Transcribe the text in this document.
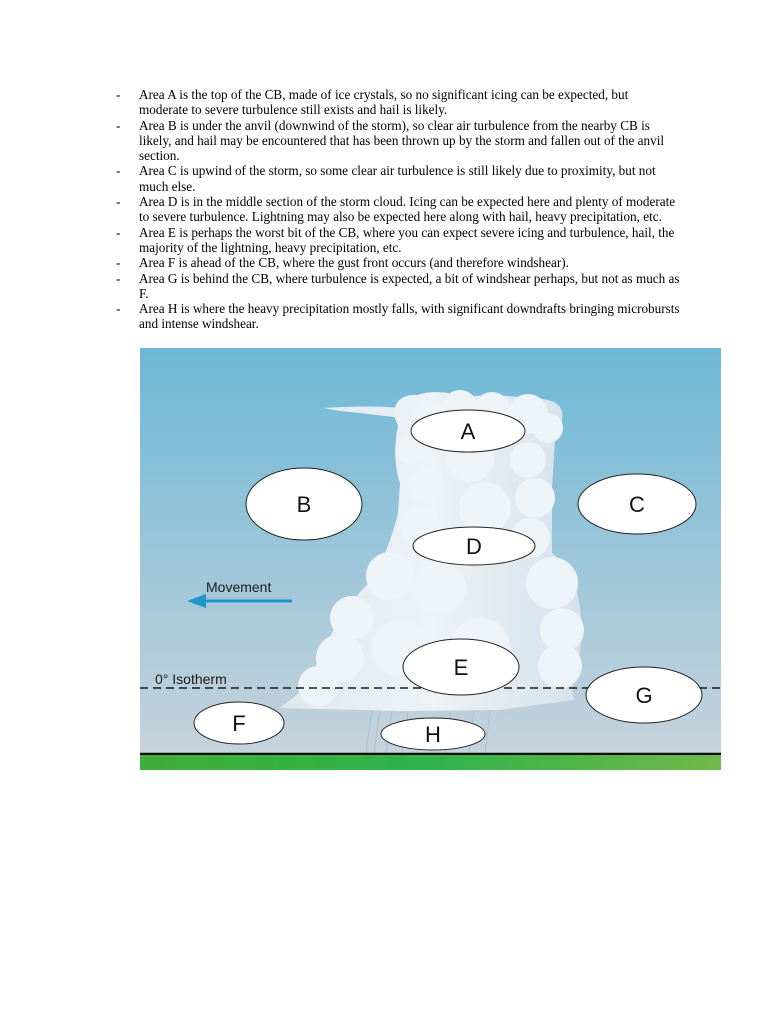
- Area A is the top of the CB, made of ice crystals, so no significant icing can be expected, but moderate to severe turbulence still exists and hail is likely.
- Area B is under the anvil (downwind of the storm), so clear air turbulence from the nearby CB is likely, and hail may be encountered that has been thrown up by the storm and fallen out of the anvil section.
- Area C is upwind of the storm, so some clear air turbulence is still likely due to proximity, but not much else.
- Area D is in the middle section of the storm cloud. Icing can be expected here and plenty of moderate to severe turbulence. Lightning may also be expected here along with hail, heavy precipitation, etc.
- Area E is perhaps the worst bit of the CB, where you can expect severe icing and turbulence, hail, the majority of the lightning, heavy precipitation, etc.
- Area F is ahead of the CB, where the gust front occurs (and therefore windshear).
- Area G is behind the CB, where turbulence is expected, a bit of windshear perhaps, but not as much as F.
- Area H is where the heavy precipitation mostly falls, with significant downdrafts bringing microbursts and intense windshear.
0° Isotherm
Movement
A
B	C
D
E
F
G
H
